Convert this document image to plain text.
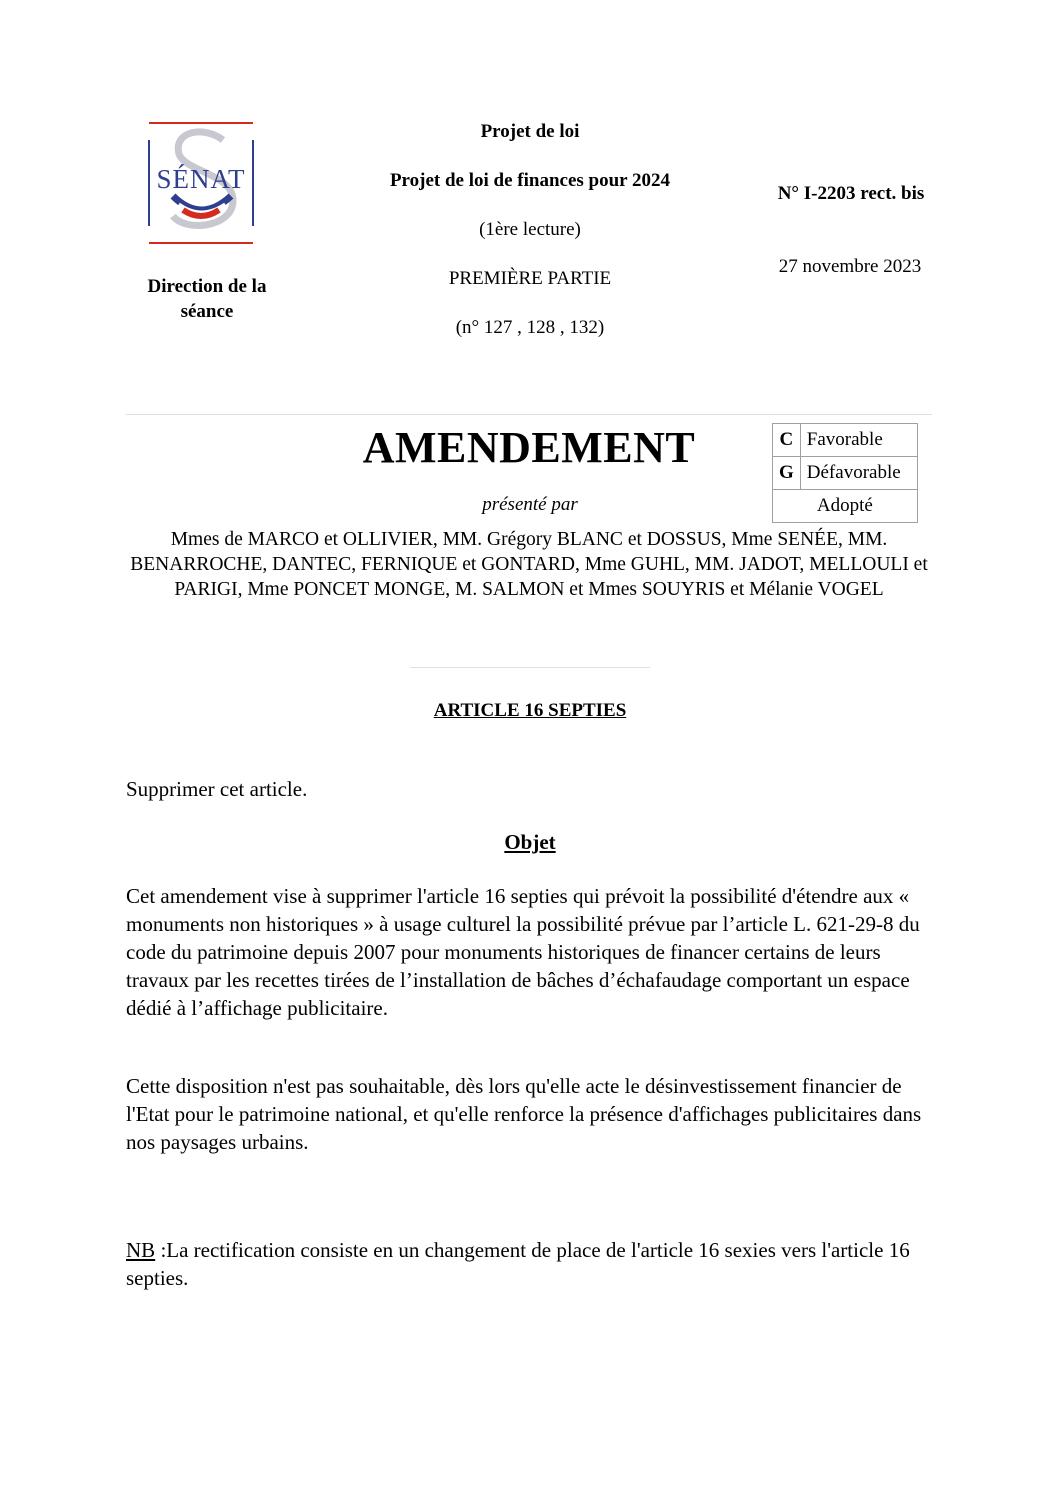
SÉNAT
Direction de la séance
Projet de loi
Projet de loi de finances pour 2024
(1ère lecture)
PREMIÈRE PARTIE
(n° 127 , 128 , 132)
N° I-2203 rect. bis
27 novembre 2023
AMENDEMENT
présenté par
C	Favorable
G	Défavorable
Adopté	
Mmes de MARCO et OLLIVIER, MM. Grégory BLANC et DOSSUS, Mme SENÉE, MM. BENARROCHE, DANTEC, FERNIQUE et GONTARD, Mme GUHL, MM. JADOT, MELLOULI et PARIGI, Mme PONCET MONGE, M. SALMON et Mmes SOUYRIS et Mélanie VOGEL
ARTICLE 16 SEPTIES
Supprimer cet article.
Objet
Cet amendement vise à supprimer l'article 16 septies qui prévoit la possibilité d'étendre aux « monuments non historiques » à usage culturel la possibilité prévue par l’article L. 621-29-8 du code du patrimoine depuis 2007 pour monuments historiques de financer certains de leurs travaux par les recettes tirées de l’installation de bâches d’échafaudage comportant un espace dédié à l’affichage publicitaire.
Cette disposition n'est pas souhaitable, dès lors qu'elle acte le désinvestissement financier de l'Etat pour le patrimoine national, et qu'elle renforce la présence d'affichages publicitaires dans nos paysages urbains.
NB :La rectification consiste en un changement de place de l'article 16 sexies vers l'article 16 septies.
